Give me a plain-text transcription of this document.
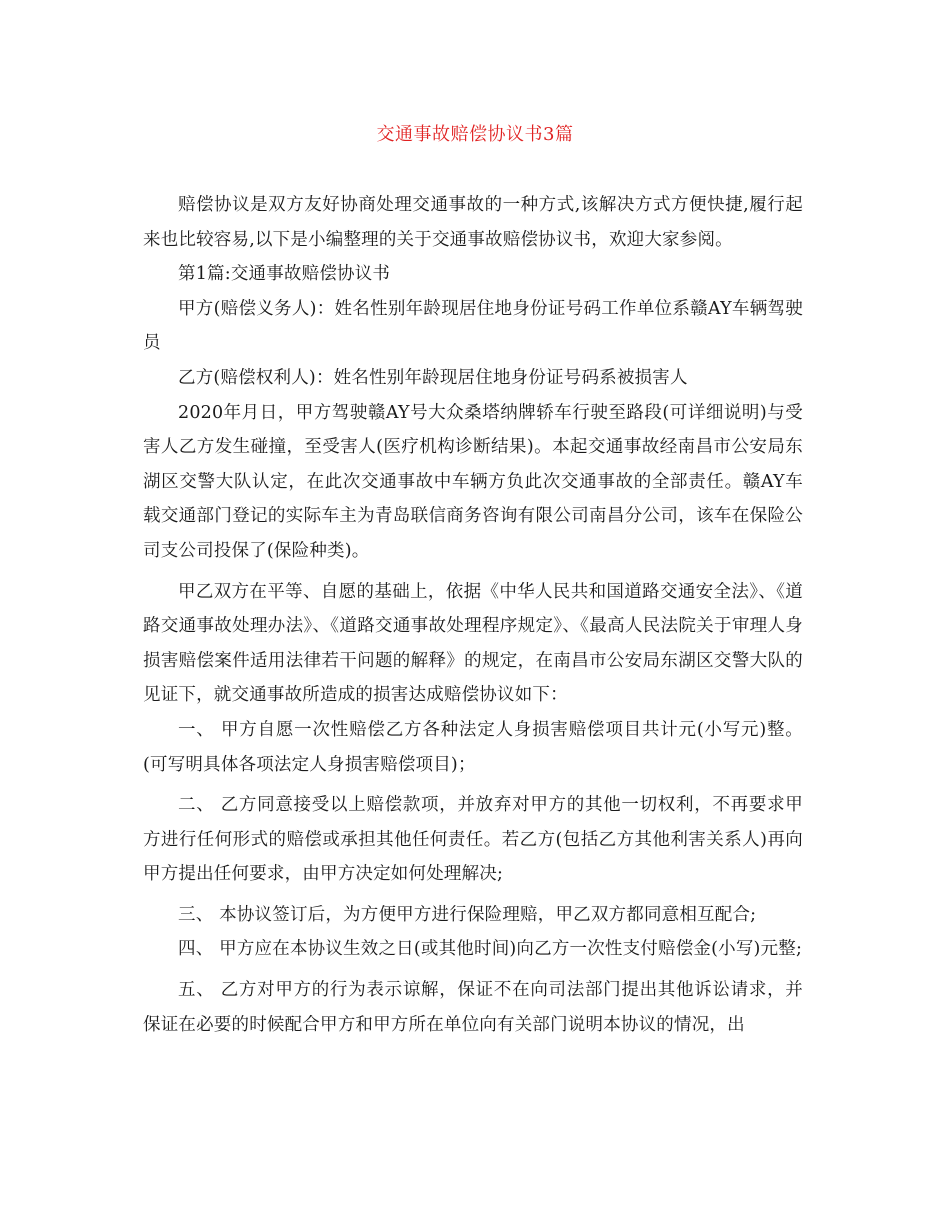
交通事故赔偿协议书3篇

赔偿协议是双方友好协商处理交通事故的一种方式,该解决方式方便快捷,履行起来也比较容易,以下是小编整理的关于交通事故赔偿协议书，欢迎大家参阅。

第1篇:交通事故赔偿协议书

甲方(赔偿义务人)：姓名性别年龄现居住地身份证号码工作单位系赣AY车辆驾驶员

乙方(赔偿权利人)：姓名性别年龄现居住地身份证号码系被损害人

2020年月日，甲方驾驶赣AY号大众桑塔纳牌轿车行驶至路段(可详细说明)与受害人乙方发生碰撞，至受害人(医疗机构诊断结果)。本起交通事故经南昌市公安局东湖区交警大队认定，在此次交通事故中车辆方负此次交通事故的全部责任。赣AY车载交通部门登记的实际车主为青岛联信商务咨询有限公司南昌分公司，该车在保险公司支公司投保了(保险种类)。

甲乙双方在平等、自愿的基础上，依据《中华人民共和国道路交通安全法》、《道路交通事故处理办法》、《道路交通事故处理程序规定》、《最高人民法院关于审理人身损害赔偿案件适用法律若干问题的解释》的规定，在南昌市公安局东湖区交警大队的见证下，就交通事故所造成的损害达成赔偿协议如下：

一、 甲方自愿一次性赔偿乙方各种法定人身损害赔偿项目共计元(小写元)整。(可写明具体各项法定人身损害赔偿项目)；

二、 乙方同意接受以上赔偿款项，并放弃对甲方的其他一切权利，不再要求甲方进行任何形式的赔偿或承担其他任何责任。若乙方(包括乙方其他利害关系人)再向甲方提出任何要求，由甲方决定如何处理解决;

三、 本协议签订后，为方便甲方进行保险理赔，甲乙双方都同意相互配合;

四、 甲方应在本协议生效之日(或其他时间)向乙方一次性支付赔偿金(小写)元整;

五、 乙方对甲方的行为表示谅解，保证不在向司法部门提出其他诉讼请求，并保证在必要的时候配合甲方和甲方所在单位向有关部门说明本协议的情况，出
